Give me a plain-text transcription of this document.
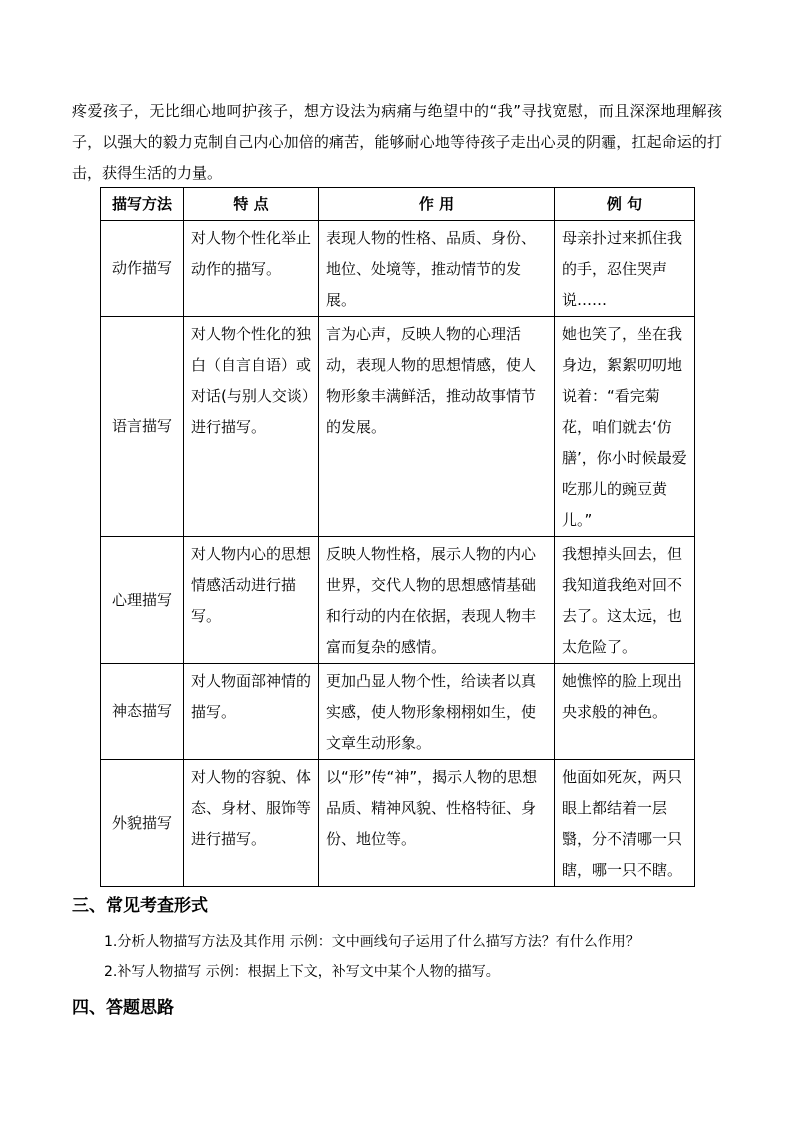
疼爱孩子，无比细心地呵护孩子，想方设法为病痛与绝望中的“我”寻找宽慰，而且深深地理解孩子，以强大的毅力克制自己内心加倍的痛苦，能够耐心地等待孩子走出心灵的阴霾，扛起命运的打击，获得生活的力量。

描写方法	特 点	作 用	例 句
动作描写	对人物个性化举止动作的描写。	表现人物的性格、品质、身份、地位、处境等，推动情节的发展。	母亲扑过来抓住我的手，忍住哭声说……
语言描写	对人物个性化的独白（自言自语）或对话(与别人交谈）进行描写。	言为心声，反映人物的心理活动，表现人物的思想情感，使人物形象丰满鲜活，推动故事情节的发展。	她也笑了，坐在我身边，絮絮叨叨地说着：“看完菊花，咱们就去‘仿膳’，你小时候最爱吃那儿的豌豆黄儿。”
心理描写	对人物内心的思想情感活动进行描写。	反映人物性格，展示人物的内心世界，交代人物的思想感情基础和行动的内在依据，表现人物丰富而复杂的感情。	我想掉头回去，但我知道我绝对回不去了。这太远，也太危险了。
神态描写	对人物面部神情的描写。	更加凸显人物个性，给读者以真实感，使人物形象栩栩如生，使文章生动形象。	她憔悴的脸上现出央求般的神色。
外貌描写	对人物的容貌、体态、身材、服饰等进行描写。	以“形”传“神”，揭示人物的思想品质、精神风貌、性格特征、身份、地位等。	他面如死灰，两只眼上都结着一层翳，分不清哪一只瞎，哪一只不瞎。
三、常见考查形式

1.分析人物描写方法及其作用 示例：文中画线句子运用了什么描写方法？有什么作用？

2.补写人物描写 示例：根据上下文，补写文中某个人物的描写。

四、答题思路
